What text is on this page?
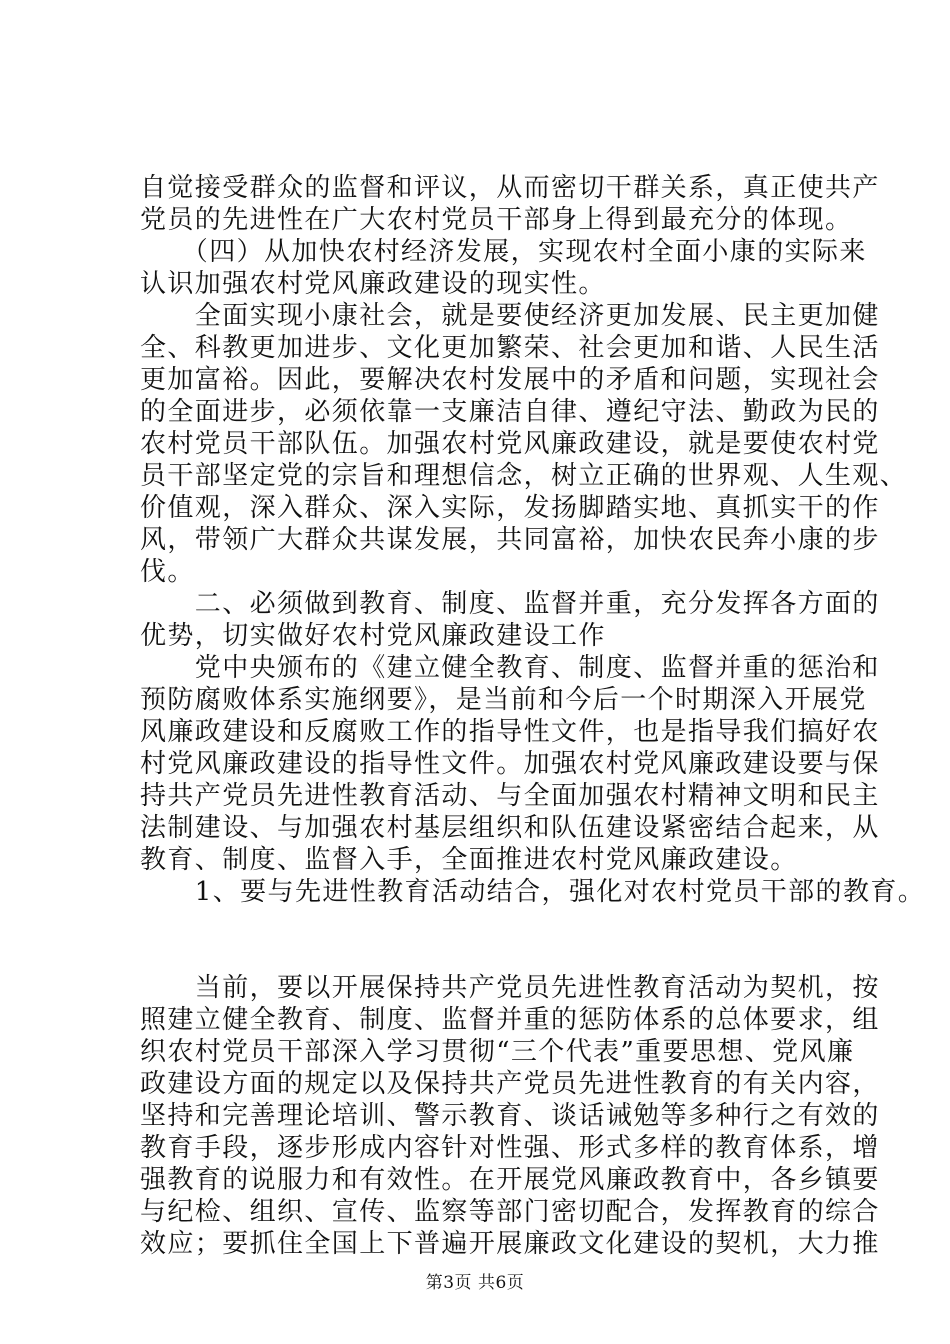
自觉接受群众的监督和评议，从而密切干群关系，真正使共产
党员的先进性在广大农村党员干部身上得到最充分的体现。
　　（四）从加快农村经济发展，实现农村全面小康的实际来
认识加强农村党风廉政建设的现实性。
　　全面实现小康社会，就是要使经济更加发展、民主更加健
全、科教更加进步、文化更加繁荣、社会更加和谐、人民生活
更加富裕。因此，要解决农村发展中的矛盾和问题，实现社会
的全面进步，必须依靠一支廉洁自律、遵纪守法、勤政为民的
农村党员干部队伍。加强农村党风廉政建设，就是要使农村党
员干部坚定党的宗旨和理想信念，树立正确的世界观、人生观、
价值观，深入群众、深入实际，发扬脚踏实地、真抓实干的作
风，带领广大群众共谋发展，共同富裕，加快农民奔小康的步
伐。
　　二、必须做到教育、制度、监督并重，充分发挥各方面的
优势，切实做好农村党风廉政建设工作
　　党中央颁布的《建立健全教育、制度、监督并重的惩治和
预防腐败体系实施纲要》，是当前和今后一个时期深入开展党
风廉政建设和反腐败工作的指导性文件，也是指导我们搞好农
村党风廉政建设的指导性文件。加强农村党风廉政建设要与保
持共产党员先进性教育活动、与全面加强农村精神文明和民主
法制建设、与加强农村基层组织和队伍建设紧密结合起来，从
教育、制度、监督入手，全面推进农村党风廉政建设。
　　1、要与先进性教育活动结合，强化对农村党员干部的教育。
　　当前，要以开展保持共产党员先进性教育活动为契机，按
照建立健全教育、制度、监督并重的惩防体系的总体要求，组
织农村党员干部深入学习贯彻“三个代表”重要思想、党风廉
政建设方面的规定以及保持共产党员先进性教育的有关内容，
坚持和完善理论培训、警示教育、谈话诫勉等多种行之有效的
教育手段，逐步形成内容针对性强、形式多样的教育体系，增
强教育的说服力和有效性。在开展党风廉政教育中，各乡镇要
与纪检、组织、宣传、监察等部门密切配合，发挥教育的综合
效应；要抓住全国上下普遍开展廉政文化建设的契机，大力推
第3页 共6页
